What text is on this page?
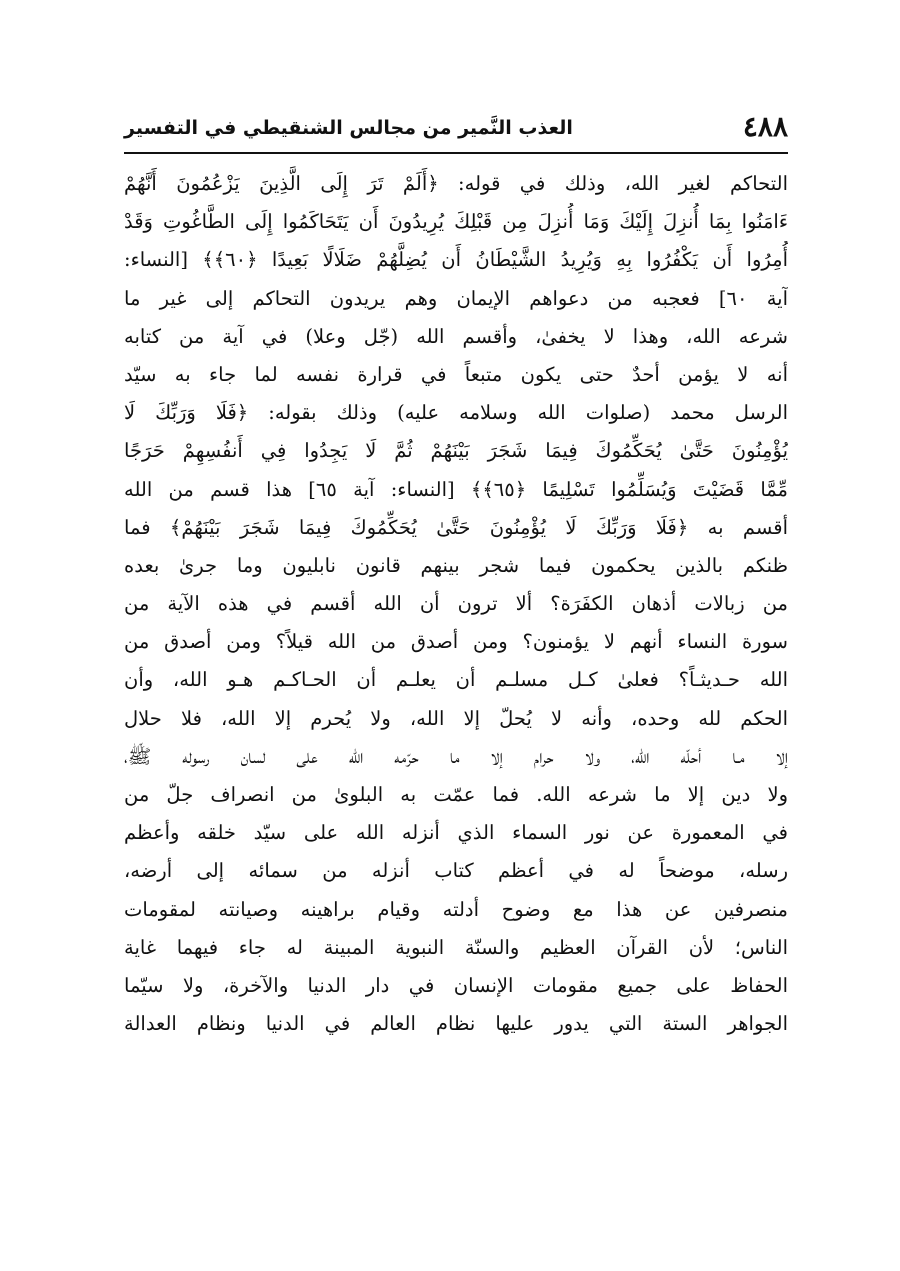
٤٨٨
العذب النَّمير من مجالس الشنقيطي في التفسير
التحاكم لغير الله، وذلك في قوله: ﴿أَلَمْ تَرَ إِلَى الَّذِينَ يَزْعُمُونَ أَنَّهُمْ
ءَامَنُوا بِمَا أُنزِلَ إِلَيْكَ وَمَا أُنزِلَ مِن قَبْلِكَ يُرِيدُونَ أَن يَتَحَاكَمُوا إِلَى الطَّاغُوتِ وَقَدْ
أُمِرُوا أَن يَكْفُرُوا بِهِ وَيُرِيدُ الشَّيْطَانُ أَن يُضِلَّهُمْ ضَلَالًا بَعِيدًا ﴿٦٠﴾﴾ [النساء:
آية ٦٠] فعجبه من دعواهم الإيمان وهم يريدون التحاكم إلى غير ما
شرعه الله، وهذا لا يخفىٰ، وأقسم الله (جّل وعلا) في آية من كتابه
أنه لا يؤمن أحدٌ حتى يكون متبعاً في قرارة نفسه لما جاء به سيّد
الرسل محمد (صلوات الله وسلامه عليه) وذلك بقوله: ﴿فَلَا وَرَبِّكَ لَا
يُؤْمِنُونَ حَتَّىٰ يُحَكِّمُوكَ فِيمَا شَجَرَ بَيْنَهُمْ ثُمَّ لَا يَجِدُوا فِي أَنفُسِهِمْ حَرَجًا
مِّمَّا قَضَيْتَ وَيُسَلِّمُوا تَسْلِيمًا ﴿٦٥﴾﴾ [النساء: آية ٦٥] هذا قسم من الله
أقسم به ﴿فَلَا وَرَبِّكَ لَا يُؤْمِنُونَ حَتَّىٰ يُحَكِّمُوكَ فِيمَا شَجَرَ بَيْنَهُمْ﴾ فما
ظنكم بالذين يحكمون فيما شجر بينهم قانون نابليون وما جرىٰ بعده
من زبالات أذهان الكفَرَة؟ ألا ترون أن الله أقسم في هذه الآية من
سورة النساء أنهم لا يؤمنون؟ ومن أصدق من الله قيلاً؟ ومن أصدق من
الله حـديثـاً؟ فعلىٰ كـل مسلـم أن يعلـم أن الحـاكـم هـو الله، وأن
الحكم لله وحده، وأنه لا يُحلّ إلا الله، ولا يُحرم إلا الله، فلا حلال
إلا مـا أحلّه الله، ولا حرام إلا ما حرّمه الله على لسان رسوله ﷺ،
ولا دين إلا ما شرعه الله. فما عمّت به البلوىٰ من انصراف جلّ من
في المعمورة عن نور السماء الذي أنزله الله على سيّد خلقه وأعظم
رسله، موضحاً له في أعظم كتاب أنزله من سمائه إلى أرضه،
منصرفين عن هذا مع وضوح أدلته وقيام براهينه وصيانته لمقومات
الناس؛ لأن القرآن العظيم والسنّة النبوية المبينة له جاء فيهما غاية
الحفاظ على جميع مقومات الإنسان في دار الدنيا والآخرة، ولا سيّما
الجواهر الستة التي يدور عليها نظام العالم في الدنيا ونظام العدالة
